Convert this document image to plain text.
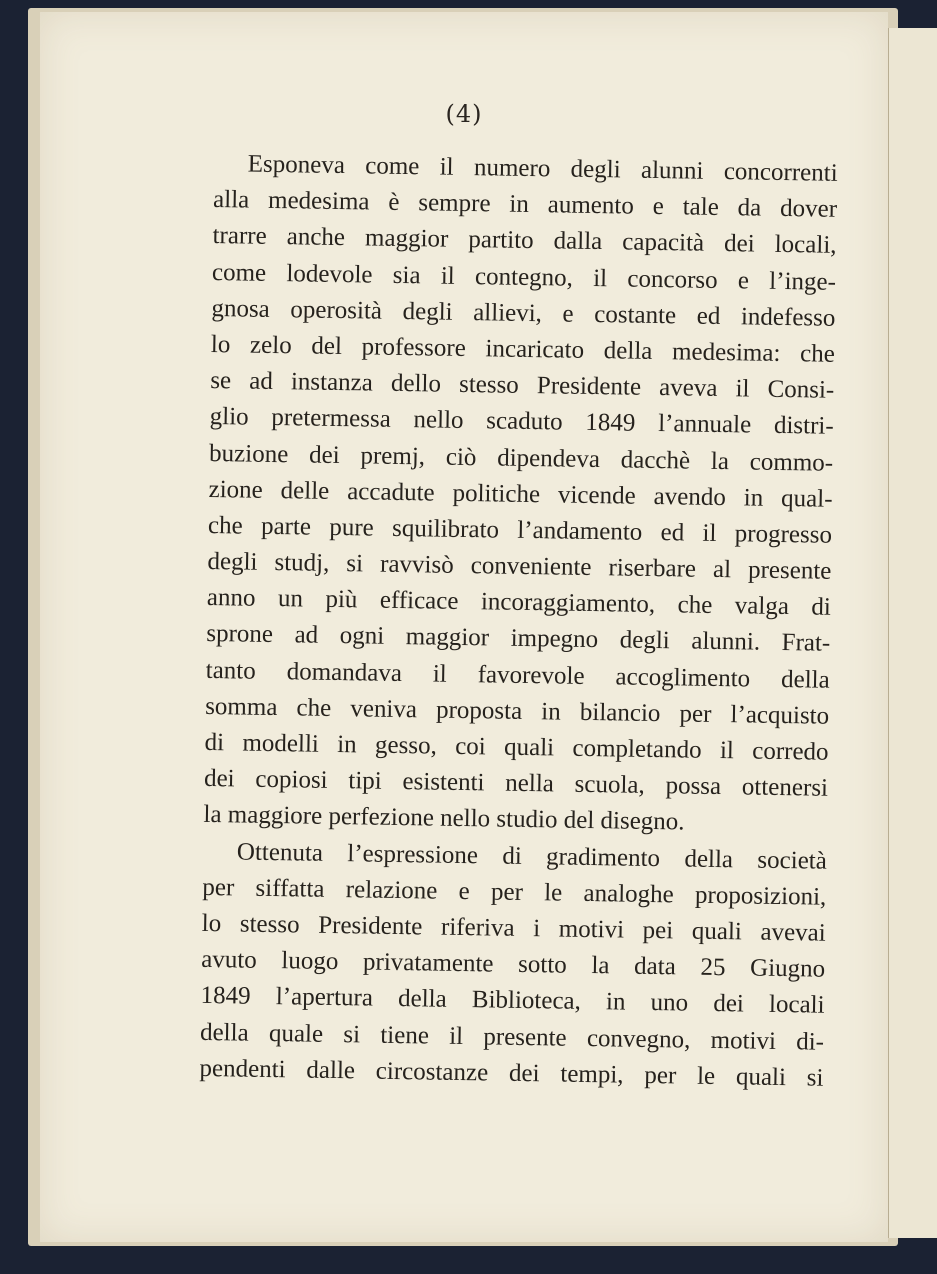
(4)
Esponeva come il numero degli alunni concorrenti
alla medesima è sempre in aumento e tale da dover
trarre anche maggior partito dalla capacità dei locali,
come lodevole sia il contegno, il concorso e l’inge-
gnosa operosità degli allievi, e costante ed indefesso
lo zelo del professore incaricato della medesima: che
se ad instanza dello stesso Presidente aveva il Consi-
glio pretermessa nello scaduto 1849 l’annuale distri-
buzione dei premj, ciò dipendeva dacchè la commo-
zione delle accadute politiche vicende avendo in qual-
che parte pure squilibrato l’andamento ed il progresso
degli studj, si ravvisò conveniente riserbare al presente
anno un più efficace incoraggiamento, che valga di
sprone ad ogni maggior impegno degli alunni. Frat-
tanto domandava il favorevole accoglimento della
somma che veniva proposta in bilancio per l’acquisto
di modelli in gesso, coi quali completando il corredo
dei copiosi tipi esistenti nella scuola, possa ottenersi
la maggiore perfezione nello studio del disegno.
Ottenuta l’espressione di gradimento della società
per siffatta relazione e per le analoghe proposizioni,
lo stesso Presidente riferiva i motivi pei quali avevai
avuto luogo privatamente sotto la data 25 Giugno
1849 l’apertura della Biblioteca, in uno dei locali
della quale si tiene il presente convegno, motivi di-
pendenti dalle circostanze dei tempi, per le quali si
